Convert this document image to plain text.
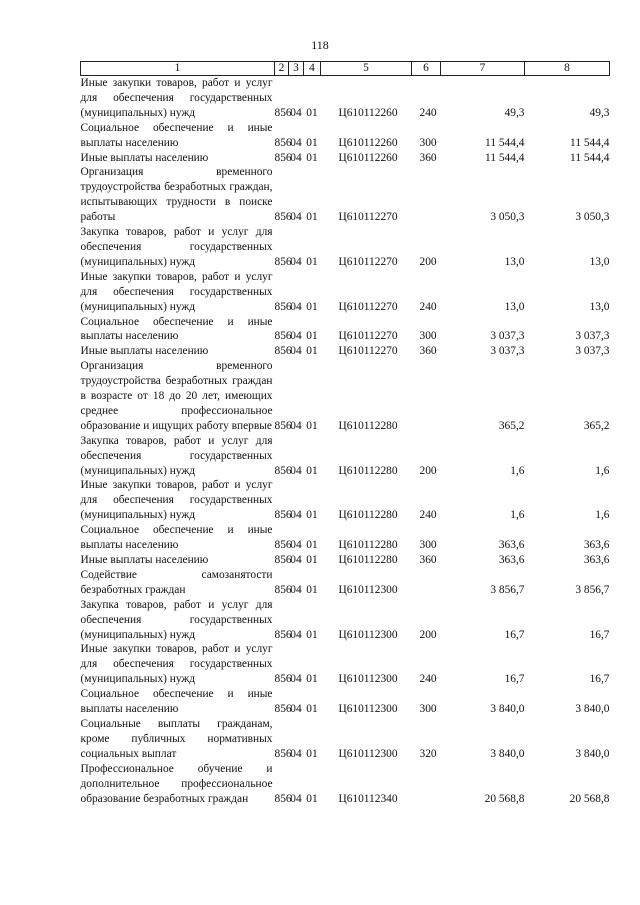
118
1	2	3	4	5	6	7	8
Иные закупки товаров, работ и услуг для обеспечения государственных (муниципальных) нужд	856	04	01	Ц610112260	240	49,3	49,3
Социальное обеспечение и иные выплаты населению	856	04	01	Ц610112260	300	11 544,4	11 544,4
Иные выплаты населению	856	04	01	Ц610112260	360	11 544,4	11 544,4
Организация временного трудоустройства безработных граждан, испытывающих трудности в поиске работы	856	04	01	Ц610112270		3 050,3	3 050,3
Закупка товаров, работ и услуг для обеспечения государственных (муниципальных) нужд	856	04	01	Ц610112270	200	13,0	13,0
Иные закупки товаров, работ и услуг для обеспечения государственных (муниципальных) нужд	856	04	01	Ц610112270	240	13,0	13,0
Социальное обеспечение и иные выплаты населению	856	04	01	Ц610112270	300	3 037,3	3 037,3
Иные выплаты населению	856	04	01	Ц610112270	360	3 037,3	3 037,3
Организация временного трудоустройства безработных граждан в возрасте от 18 до 20 лет, имеющих среднее профессиональное образование и ищущих работу впервые	856	04	01	Ц610112280		365,2	365,2
Закупка товаров, работ и услуг для обеспечения государственных (муниципальных) нужд	856	04	01	Ц610112280	200	1,6	1,6
Иные закупки товаров, работ и услуг для обеспечения государственных (муниципальных) нужд	856	04	01	Ц610112280	240	1,6	1,6
Социальное обеспечение и иные выплаты населению	856	04	01	Ц610112280	300	363,6	363,6
Иные выплаты населению	856	04	01	Ц610112280	360	363,6	363,6
Содействие самозанятости безработных граждан	856	04	01	Ц610112300		3 856,7	3 856,7
Закупка товаров, работ и услуг для обеспечения государственных (муниципальных) нужд	856	04	01	Ц610112300	200	16,7	16,7
Иные закупки товаров, работ и услуг для обеспечения государственных (муниципальных) нужд	856	04	01	Ц610112300	240	16,7	16,7
Социальное обеспечение и иные выплаты населению	856	04	01	Ц610112300	300	3 840,0	3 840,0
Социальные выплаты гражданам, кроме публичных нормативных социальных выплат	856	04	01	Ц610112300	320	3 840,0	3 840,0
Профессиональное обучение и дополнительное профессиональное образование безработных граждан	856	04	01	Ц610112340		20 568,8	20 568,8
